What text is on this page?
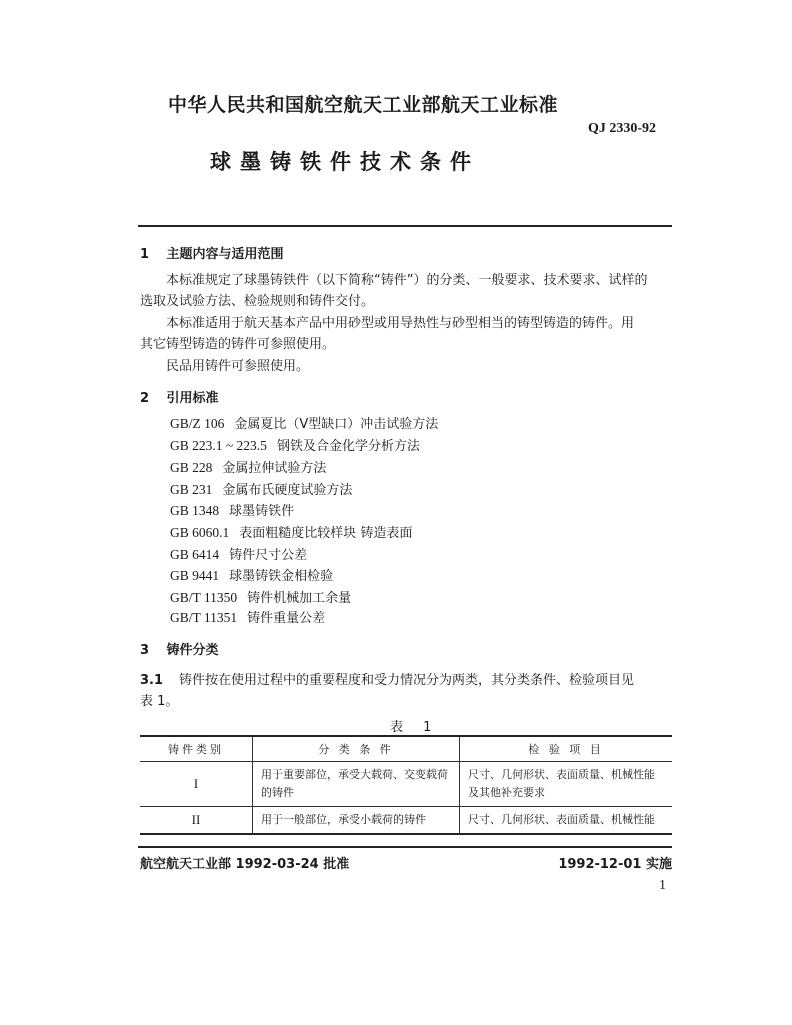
中华人民共和国航空航天工业部航天工业标准
QJ 2330-92
球墨铸铁件技术条件
1 主题内容与适用范围
本标准规定了球墨铸铁件（以下简称“铸件”）的分类、一般要求、技术要求、试样的
选取及试验方法、检验规则和铸件交付。
本标准适用于航天基本产品中用砂型或用导热性与砂型相当的铸型铸造的铸件。用
其它铸型铸造的铸件可参照使用。
民品用铸件可参照使用。
2 引用标准
GB/Z 106 金属夏比（V型缺口）冲击试验方法
GB 223.1 ~ 223.5 钢铁及合金化学分析方法
GB 228 金属拉伸试验方法
GB 231 金属布氏硬度试验方法
GB 1348 球墨铸铁件
GB 6060.1 表面粗糙度比较样块 铸造表面
GB 6414 铸件尺寸公差
GB 9441 球墨铸铁金相检验
GB/T 11350 铸件机械加工余量
GB/T 11351 铸件重量公差
3 铸件分类
3.1 铸件按在使用过程中的重要程度和受力情况分为两类，其分类条件、检验项目见
表 1。
表 1
铸件类别	分 类 条 件	检 验 项 目
I	用于重要部位，承受大载荷、交变载荷的铸件	尺寸、几何形状、表面质量、机械性能及其他补充要求
II	用于一般部位，承受小载荷的铸件	尺寸、几何形状、表面质量、机械性能
航空航天工业部 1992-03-24 批准	1992-12-01 实施
1
